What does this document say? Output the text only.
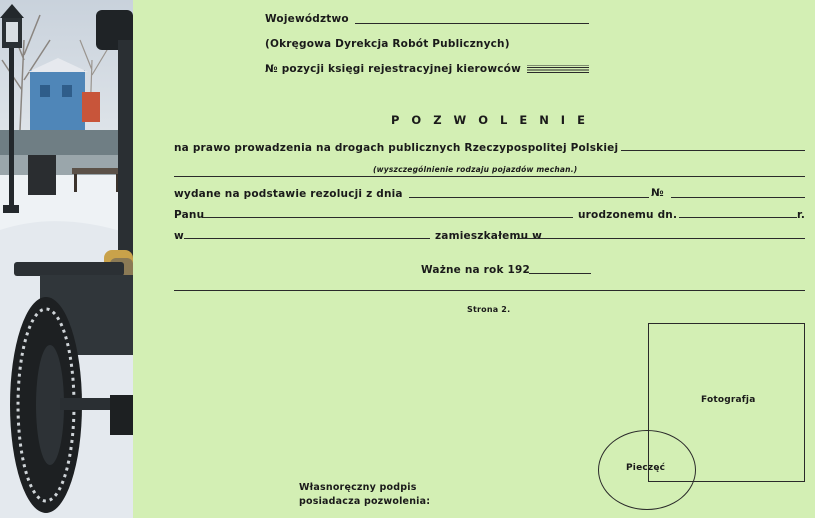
Województwo
(Okręgowa Dyrekcja Robót Publicznych)
№ pozycji księgi rejestracyjnej kierowców
POZWOLENIE
na prawo prowadzenia na drogach publicznych Rzeczypospolitej Polskiej
(wyszczególnienie rodzaju pojazdów mechan.)
wydane na podstawie rezolucji z dnia	№
Panu	urodzonemu dn.	r.
w	zamieszkałemu w
Ważne na rok 192
Strona 2.
Fotografja
Pieczęć
Własnoręczny podpis
posiadacza pozwolenia:
